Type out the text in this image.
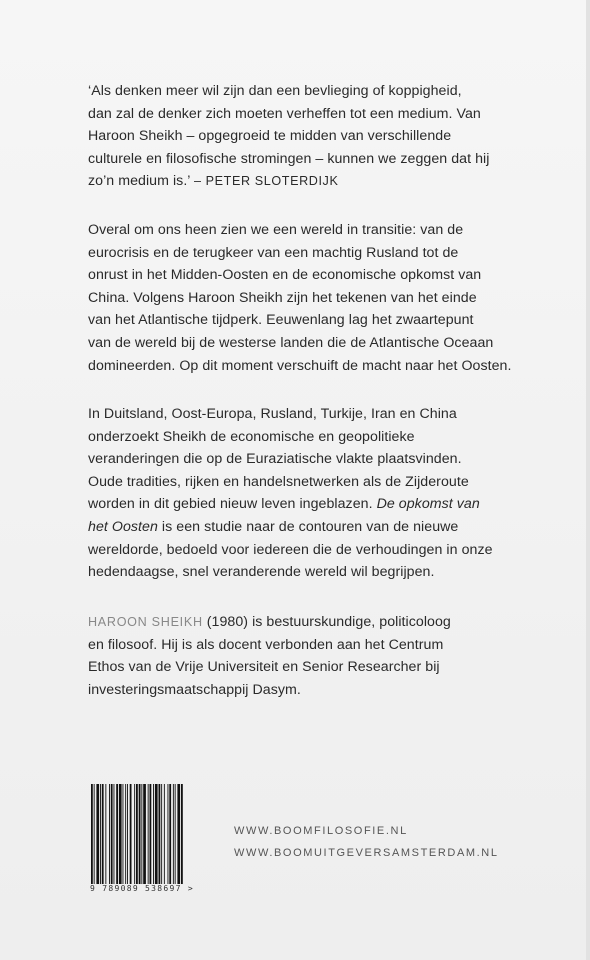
‘Als denken meer wil zijn dan een bevlieging of koppigheid,
dan zal de denker zich moeten verheffen tot een medium. Van
Haroon Sheikh – opgegroeid te midden van verschillende
culturele en filosofische stromingen – kunnen we zeggen dat hij
zo’n medium is.’ – PETER SLOTERDIJK
Overal om ons heen zien we een wereld in transitie: van de
eurocrisis en de terugkeer van een machtig Rusland tot de
onrust in het Midden-Oosten en de economische opkomst van
China. Volgens Haroon Sheikh zijn het tekenen van het einde
van het Atlantische tijdperk. Eeuwenlang lag het zwaartepunt
van de wereld bij de westerse landen die de Atlantische Oceaan
domineerden. Op dit moment verschuift de macht naar het Oosten.
In Duitsland, Oost-Europa, Rusland, Turkije, Iran en China
onderzoekt Sheikh de economische en geopolitieke
veranderingen die op de Euraziatische vlakte plaatsvinden.
Oude tradities, rijken en handelsnetwerken als de Zijderoute
worden in dit gebied nieuw leven ingeblazen. De opkomst van
het Oosten is een studie naar de contouren van de nieuwe
wereldorde, bedoeld voor iedereen die de verhoudingen in onze
hedendaagse, snel veranderende wereld wil begrijpen.
HAROON SHEIKH (1980) is bestuurskundige, politicoloog
en filosoof. Hij is als docent verbonden aan het Centrum
Ethos van de Vrije Universiteit en Senior Researcher bij
investeringsmaatschappij Dasym.
9 789089 538697 >
WWW.BOOMFILOSOFIE.NL
WWW.BOOMUITGEVERSAMSTERDAM.NL
